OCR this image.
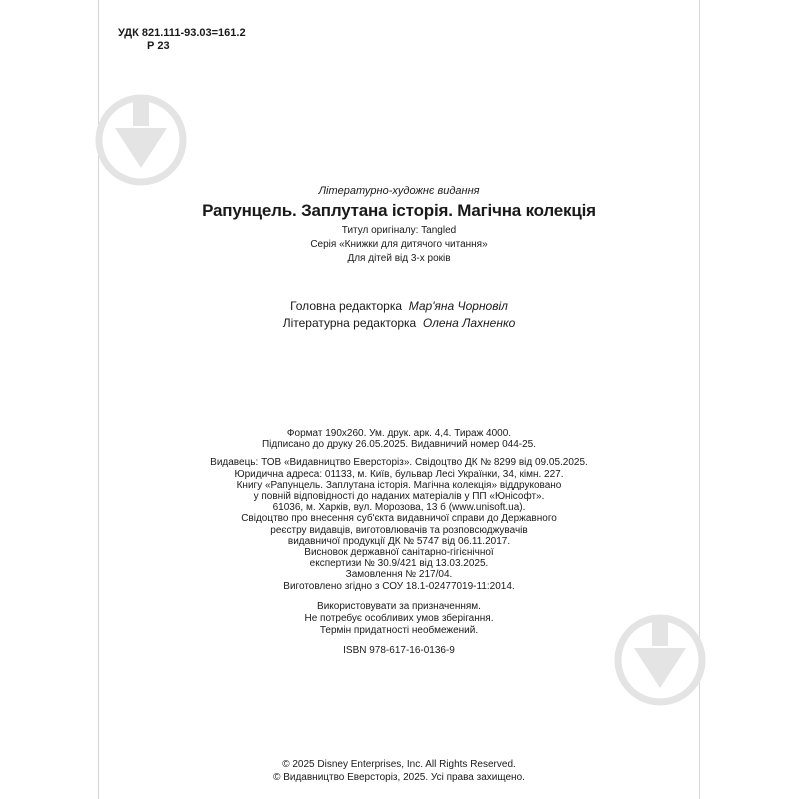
УДК 821.111-93.03=161.2
Р 23
Літературно-художнє видання
Рапунцель. Заплутана історія. Магічна колекція
Титул оригіналу: Tangled
Серія «Книжки для дитячого читання»
Для дітей від 3-х років
Головна редакторка Мар'яна Чорновіл
Літературна редакторка Олена Лахненко
Формат 190x260. Ум. друк. арк. 4,4. Тираж 4000.
Підписано до друку 26.05.2025. Видавничий номер 044-25.
Видавець: ТОВ «Видавництво Еверсторіз». Свідоцтво ДК № 8299 від 09.05.2025.
Юридична адреса: 01133, м. Київ, бульвар Лесі Українки, 34, кімн. 227.
Книгу «Рапунцель. Заплутана історія. Магічна колекція» віддруковано
у повній відповідності до наданих матеріалів у ПП «Юнісофт».
61036, м. Харків, вул. Морозова, 13 б (www.unisoft.ua).
Свідоцтво про внесення суб'єкта видавничої справи до Державного
реєстру видавців, виготовлювачів та розповсюджувачів
видавничої продукції ДК № 5747 від 06.11.2017.
Висновок державної санітарно-гігієнічної
експертизи № 30.9/421 від 13.03.2025.
Замовлення № 217/04.
Виготовлено згідно з СОУ 18.1-02477019-11:2014.
Використовувати за призначенням.
Не потребує особливих умов зберігання.
Термін придатності необмежений.
ISBN 978-617-16-0136-9
© 2025 Disney Enterprises, Inc. All Rights Reserved.
© Видавництво Еверсторіз, 2025. Усі права захищено.
